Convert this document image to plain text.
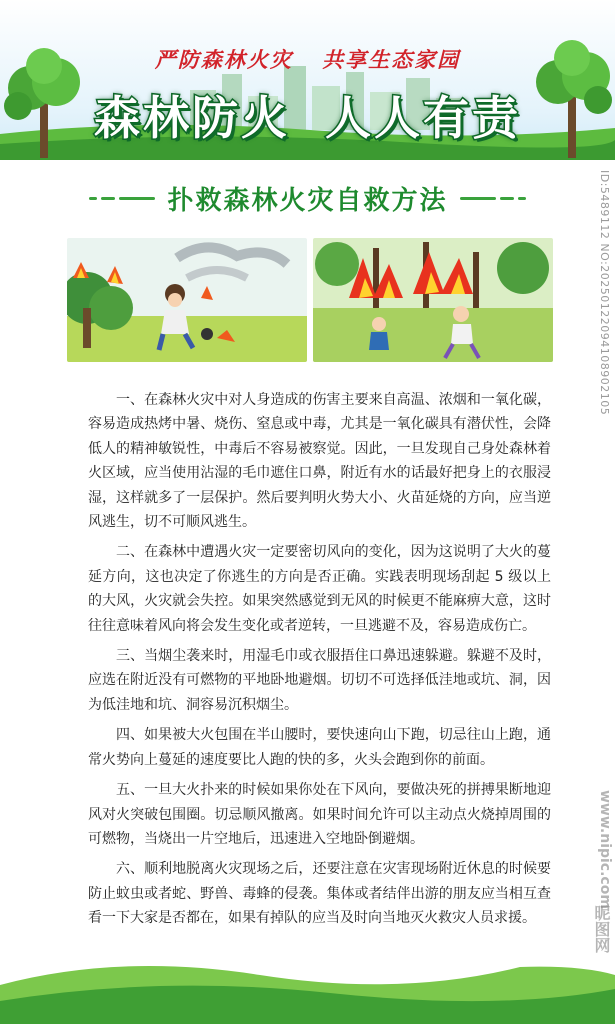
严防森林火灾 共享生态家园
森林防火 人人有责
ID:5489112 NO:20250122094108902105
扑救森林火灾自救方法

一、在森林火灾中对人身造成的伤害主要来自高温、浓烟和一氧化碳，容易造成热烤中暑、烧伤、窒息或中毒，尤其是一氧化碳具有潜伏性，会降低人的精神敏锐性，中毒后不容易被察觉。因此，一旦发现自己身处森林着火区域，应当使用沾湿的毛巾遮住口鼻，附近有水的话最好把身上的衣服浸湿，这样就多了一层保护。然后要判明火势大小、火苗延烧的方向，应当逆风逃生，切不可顺风逃生。

二、在森林中遭遇火灾一定要密切风向的变化，因为这说明了大火的蔓延方向，这也决定了你逃生的方向是否正确。实践表明现场刮起 5 级以上的大风，火灾就会失控。如果突然感觉到无风的时候更不能麻痹大意，这时往往意味着风向将会发生变化或者逆转，一旦逃避不及，容易造成伤亡。

三、当烟尘袭来时，用湿毛巾或衣服捂住口鼻迅速躲避。躲避不及时，应选在附近没有可燃物的平地卧地避烟。切切不可选择低洼地或坑、洞，因为低洼地和坑、洞容易沉积烟尘。

四、如果被大火包围在半山腰时，要快速向山下跑，切忌往山上跑，通常火势向上蔓延的速度要比人跑的快的多，火头会跑到你的前面。

五、一旦大火扑来的时候如果你处在下风向，要做决死的拼搏果断地迎风对火突破包围圈。切忌顺风撤离。如果时间允许可以主动点火烧掉周围的可燃物，当烧出一片空地后，迅速进入空地卧倒避烟。

六、顺利地脱离火灾现场之后，还要注意在灾害现场附近休息的时候要防止蚊虫或者蛇、野兽、毒蜂的侵袭。集体或者结伴出游的朋友应当相互查看一下大家是否都在，如果有掉队的应当及时向当地灭火救灾人员求援。

www.nipic.com
昵图网
